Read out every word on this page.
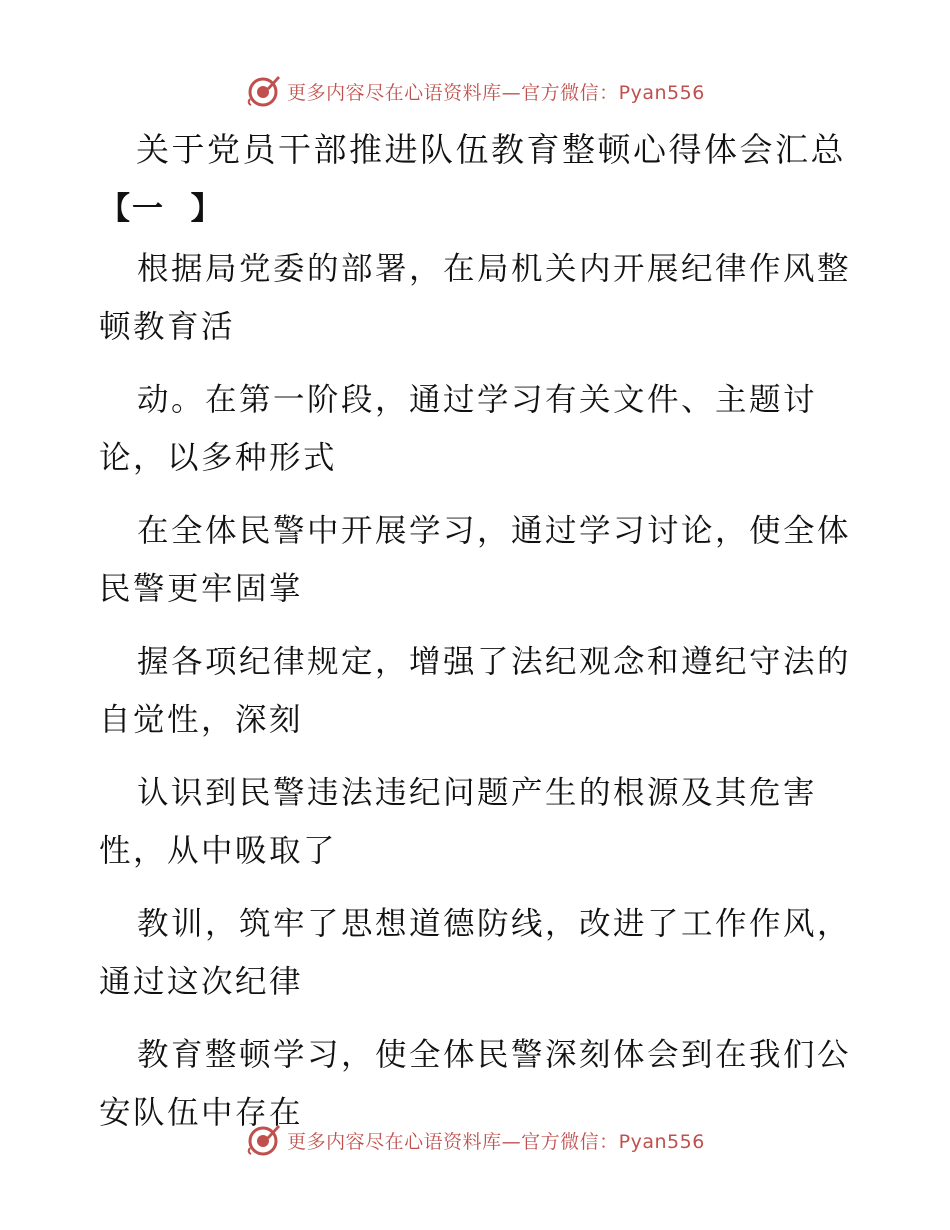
更多内容尽在心语资料库—官方微信：Pyan556
关于党员干部推进队伍教育整顿心得体会汇总
【一  】

根据局党委的部署，在局机关内开展纪律作风整顿教育活

动。在第一阶段，通过学习有关文件、主题讨论，以多种形式

在全体民警中开展学习，通过学习讨论，使全体民警更牢固掌

握各项纪律规定，增强了法纪观念和遵纪守法的自觉性，深刻

认识到民警违法违纪问题产生的根源及其危害性，从中吸取了

教训，筑牢了思想道德防线，改进了工作作风，通过这次纪律

教育整顿学习，使全体民警深刻体会到在我们公安队伍中存在

更多内容尽在心语资料库—官方微信：Pyan556
